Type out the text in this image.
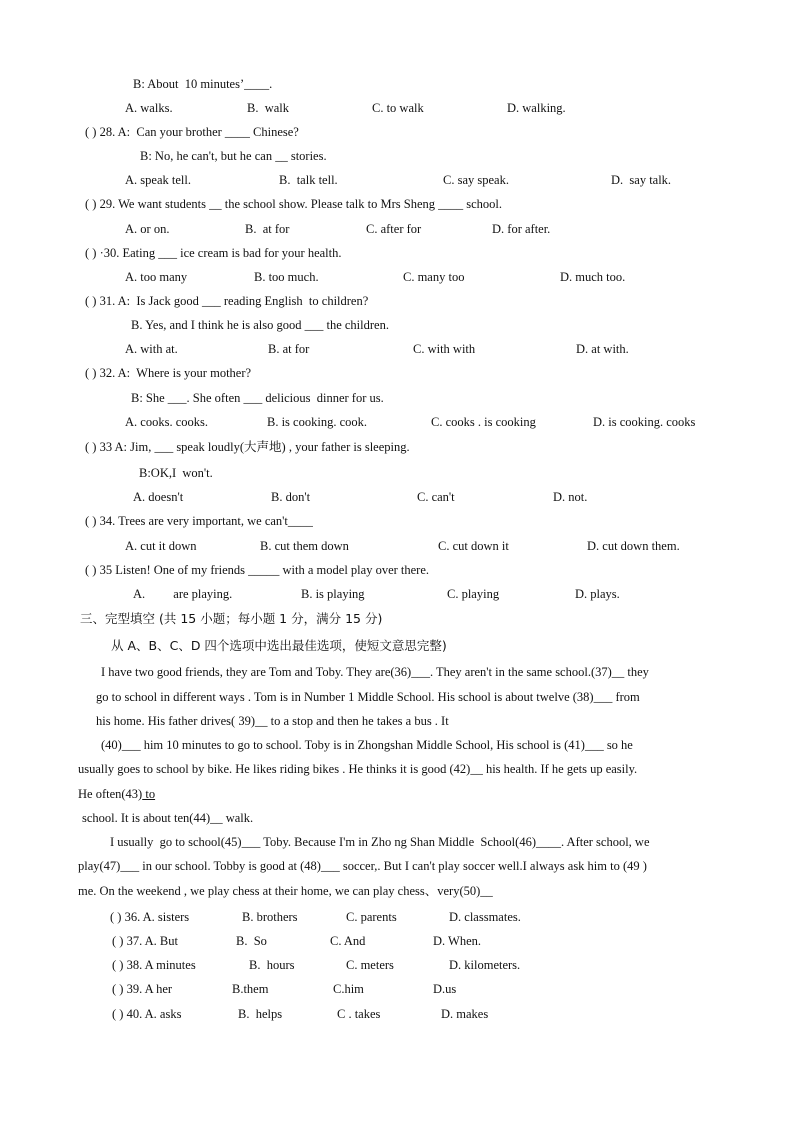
B: About  10 minutes’____.
A. walks.	B.  walk	C. to walk	D. walking.
( ) 28. A:  Can your brother ____ Chinese?
B: No, he can't, but he can __ stories.
A. speak tell.	B.  talk tell.	C. say speak.	D.  say talk.
( ) 29. We want students __ the school show. Please talk to Mrs Sheng ____ school.
A. or on.	B.  at for	C. after for	D. for after.
( ) ·30. Eating ___ ice cream is bad for your health.
A. too many	B. too much.	C. many too	D. much too.
( ) 31. A:  Is Jack good ___ reading English  to children?
B. Yes, and I think he is also good ___ the children.
A. with at.	B. at for	C. with with	D. at with.
( ) 32. A:  Where is your mother?
B: She ___. She often ___ delicious  dinner for us.
A. cooks. cooks.	B. is cooking. cook.	C. cooks . is cooking	D. is cooking. cooks
( ) 33 A: Jim, ___ speak loudly(大声地) , your father is sleeping.
B:OK,I  won't.
A. doesn't	B. don't	C. can't	D. not.
( ) 34. Trees are very important, we can't____
A. cut it down	B. cut them down	C. cut down it	D. cut down them.
( ) 35 Listen! One of my friends _____ with a model play over there.
A.         are playing.	B. is playing	C. playing	D. plays.
三、完型填空 (共 15 小题；每小题 1 分，满分 15 分)
从 A、B、C、D 四个选项中选出最佳选项，使短文意思完整)
I have two good friends, they are Tom and Toby. They are(36)___. They aren't in the same school.(37)__ they
go to school in different ways . Tom is in Number 1 Middle School. His school is about twelve (38)___ from
his home. His father drives( 39)__ to a stop and then he takes a bus . It
(40)___ him 10 minutes to go to school. Toby is in Zhongshan Middle School, His school is (41)___ so he
usually goes to school by bike. He likes riding bikes . He thinks it is good (42)__ his health. If he gets up easily.
He often(43) to
school. It is about ten(44)__ walk.
I usually  go to school(45)___ Toby. Because I'm in Zho ng Shan Middle  School(46)____. After school, we
play(47)___ in our school. Tobby is good at (48)___ soccer,. But I can't play soccer well.I always ask him to (49 )
me. On the weekend , we play chess at their home, we can play chess、very(50)__
( ) 36. A. sisters	B. brothers	C. parents	D. classmates.
( ) 37. A. But	B.  So	C. And	D. When.
( ) 38. A minutes	B.  hours	C. meters	D. kilometers.
( ) 39. A her	B.them	C.him	D.us
( ) 40. A. asks	B.  helps	C . takes	D. makes
